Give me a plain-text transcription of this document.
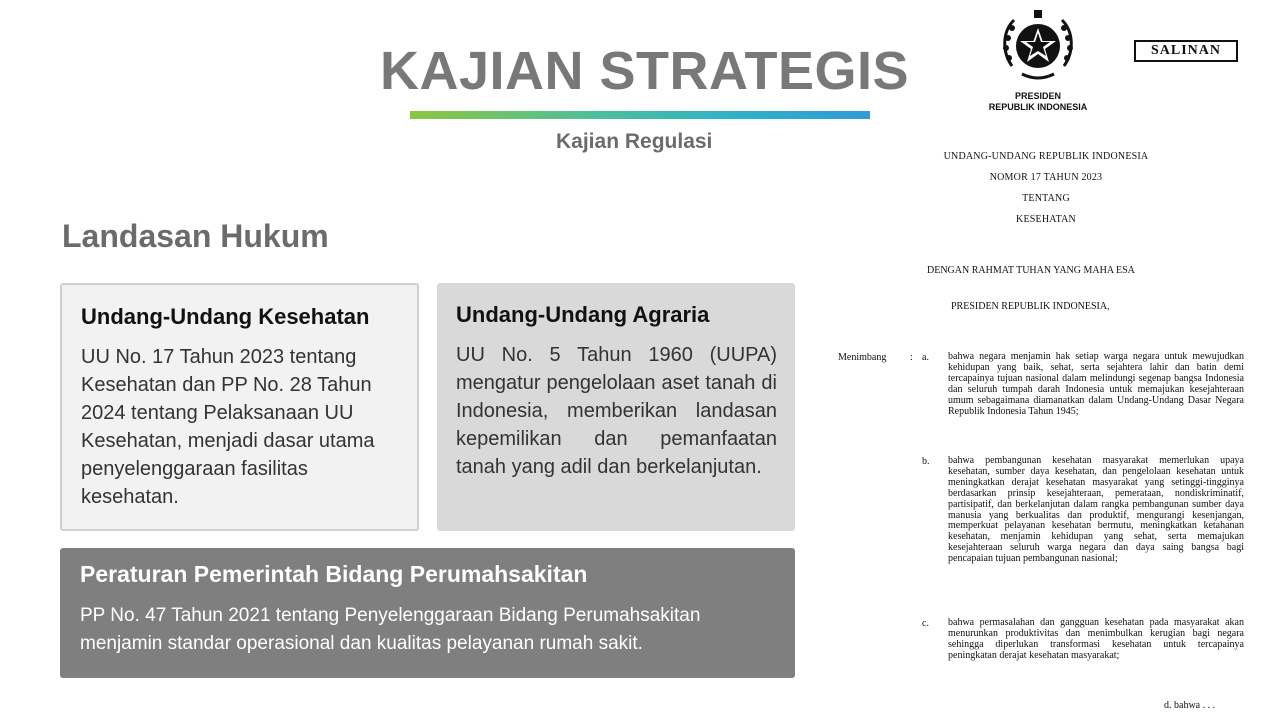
KAJIAN STRATEGIS
Kajian Regulasi
Landasan Hukum

Undang-Undang Kesehatan

UU No. 17 Tahun 2023 tentang Kesehatan dan PP No. 28 Tahun 2024 tentang Pelaksanaan UU Kesehatan, menjadi dasar utama penyelenggaraan fasilitas kesehatan.

Undang-Undang Agraria

UU No. 5 Tahun 1960 (UUPA) mengatur pengelolaan aset tanah di Indonesia, memberikan landasan kepemilikan dan pemanfaatan tanah yang adil dan berkelanjutan.

Peraturan Pemerintah Bidang Perumahsakitan

PP No. 47 Tahun 2021 tentang Penyelenggaraan Bidang Perumahsakitan menjamin standar operasional dan kualitas pelayanan rumah sakit.

PRESIDEN
REPUBLIK INDONESIA
SALINAN
UNDANG-UNDANG REPUBLIK INDONESIA
NOMOR 17 TAHUN 2023
TENTANG
KESEHATAN
DENGAN RAHMAT TUHAN YANG MAHA ESA
PRESIDEN REPUBLIK INDONESIA,
Menimbang : a. bahwa negara menjamin hak setiap warga negara untuk mewujudkan kehidupan yang baik, sehat, serta sejahtera lahir dan batin demi tercapainya tujuan nasional dalam melindungi segenap bangsa Indonesia dan seluruh tumpah darah Indonesia untuk memajukan kesejahteraan umum sebagaimana diamanatkan dalam Undang-Undang Dasar Negara Republik Indonesia Tahun 1945;

b. bahwa pembangunan kesehatan masyarakat memerlukan upaya kesehatan, sumber daya kesehatan, dan pengelolaan kesehatan untuk meningkatkan derajat kesehatan masyarakat yang setinggi-tingginya berdasarkan prinsip kesejahteraan, pemerataan, nondiskriminatif, partisipatif, dan berkelanjutan dalam rangka pembangunan sumber daya manusia yang berkualitas dan produktif, mengurangi kesenjangan, memperkuat pelayanan kesehatan bermutu, meningkatkan ketahanan kesehatan, menjamin kehidupan yang sehat, serta memajukan kesejahteraan seluruh warga negara dan daya saing bangsa bagi pencapaian tujuan pembangunan nasional;

c. bahwa permasalahan dan gangguan kesehatan pada masyarakat akan menurunkan produktivitas dan menimbulkan kerugian bagi negara sehingga diperlukan transformasi kesehatan untuk tercapainya peningkatan derajat kesehatan masyarakat;

d. bahwa . . .
